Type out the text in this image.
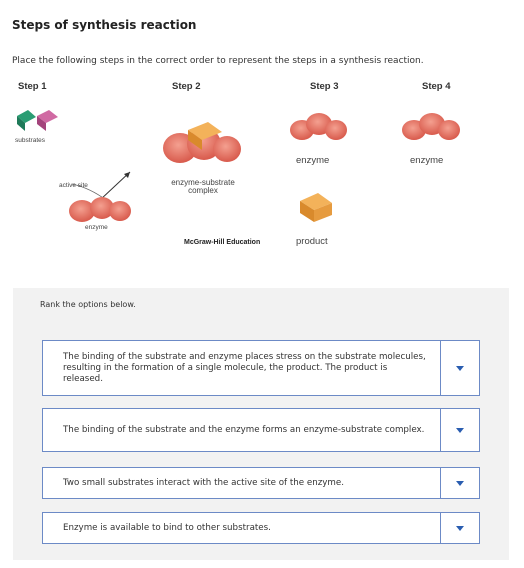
Steps of synthesis reaction
Place the following steps in the correct order to represent the steps in a synthesis reaction.
Step 1	Step 2	Step 3	Step 4
substrates
active site
enzyme
enzyme-substrate
complex
McGraw-Hill Education
enzyme
product
enzyme
Rank the options below.
The binding of the substrate and enzyme places stress on the substrate molecules, resulting in the formation of a single molecule, the product. The product is released.
The binding of the substrate and the enzyme forms an enzyme-substrate complex.
Two small substrates interact with the active site of the enzyme.
Enzyme is available to bind to other substrates.
